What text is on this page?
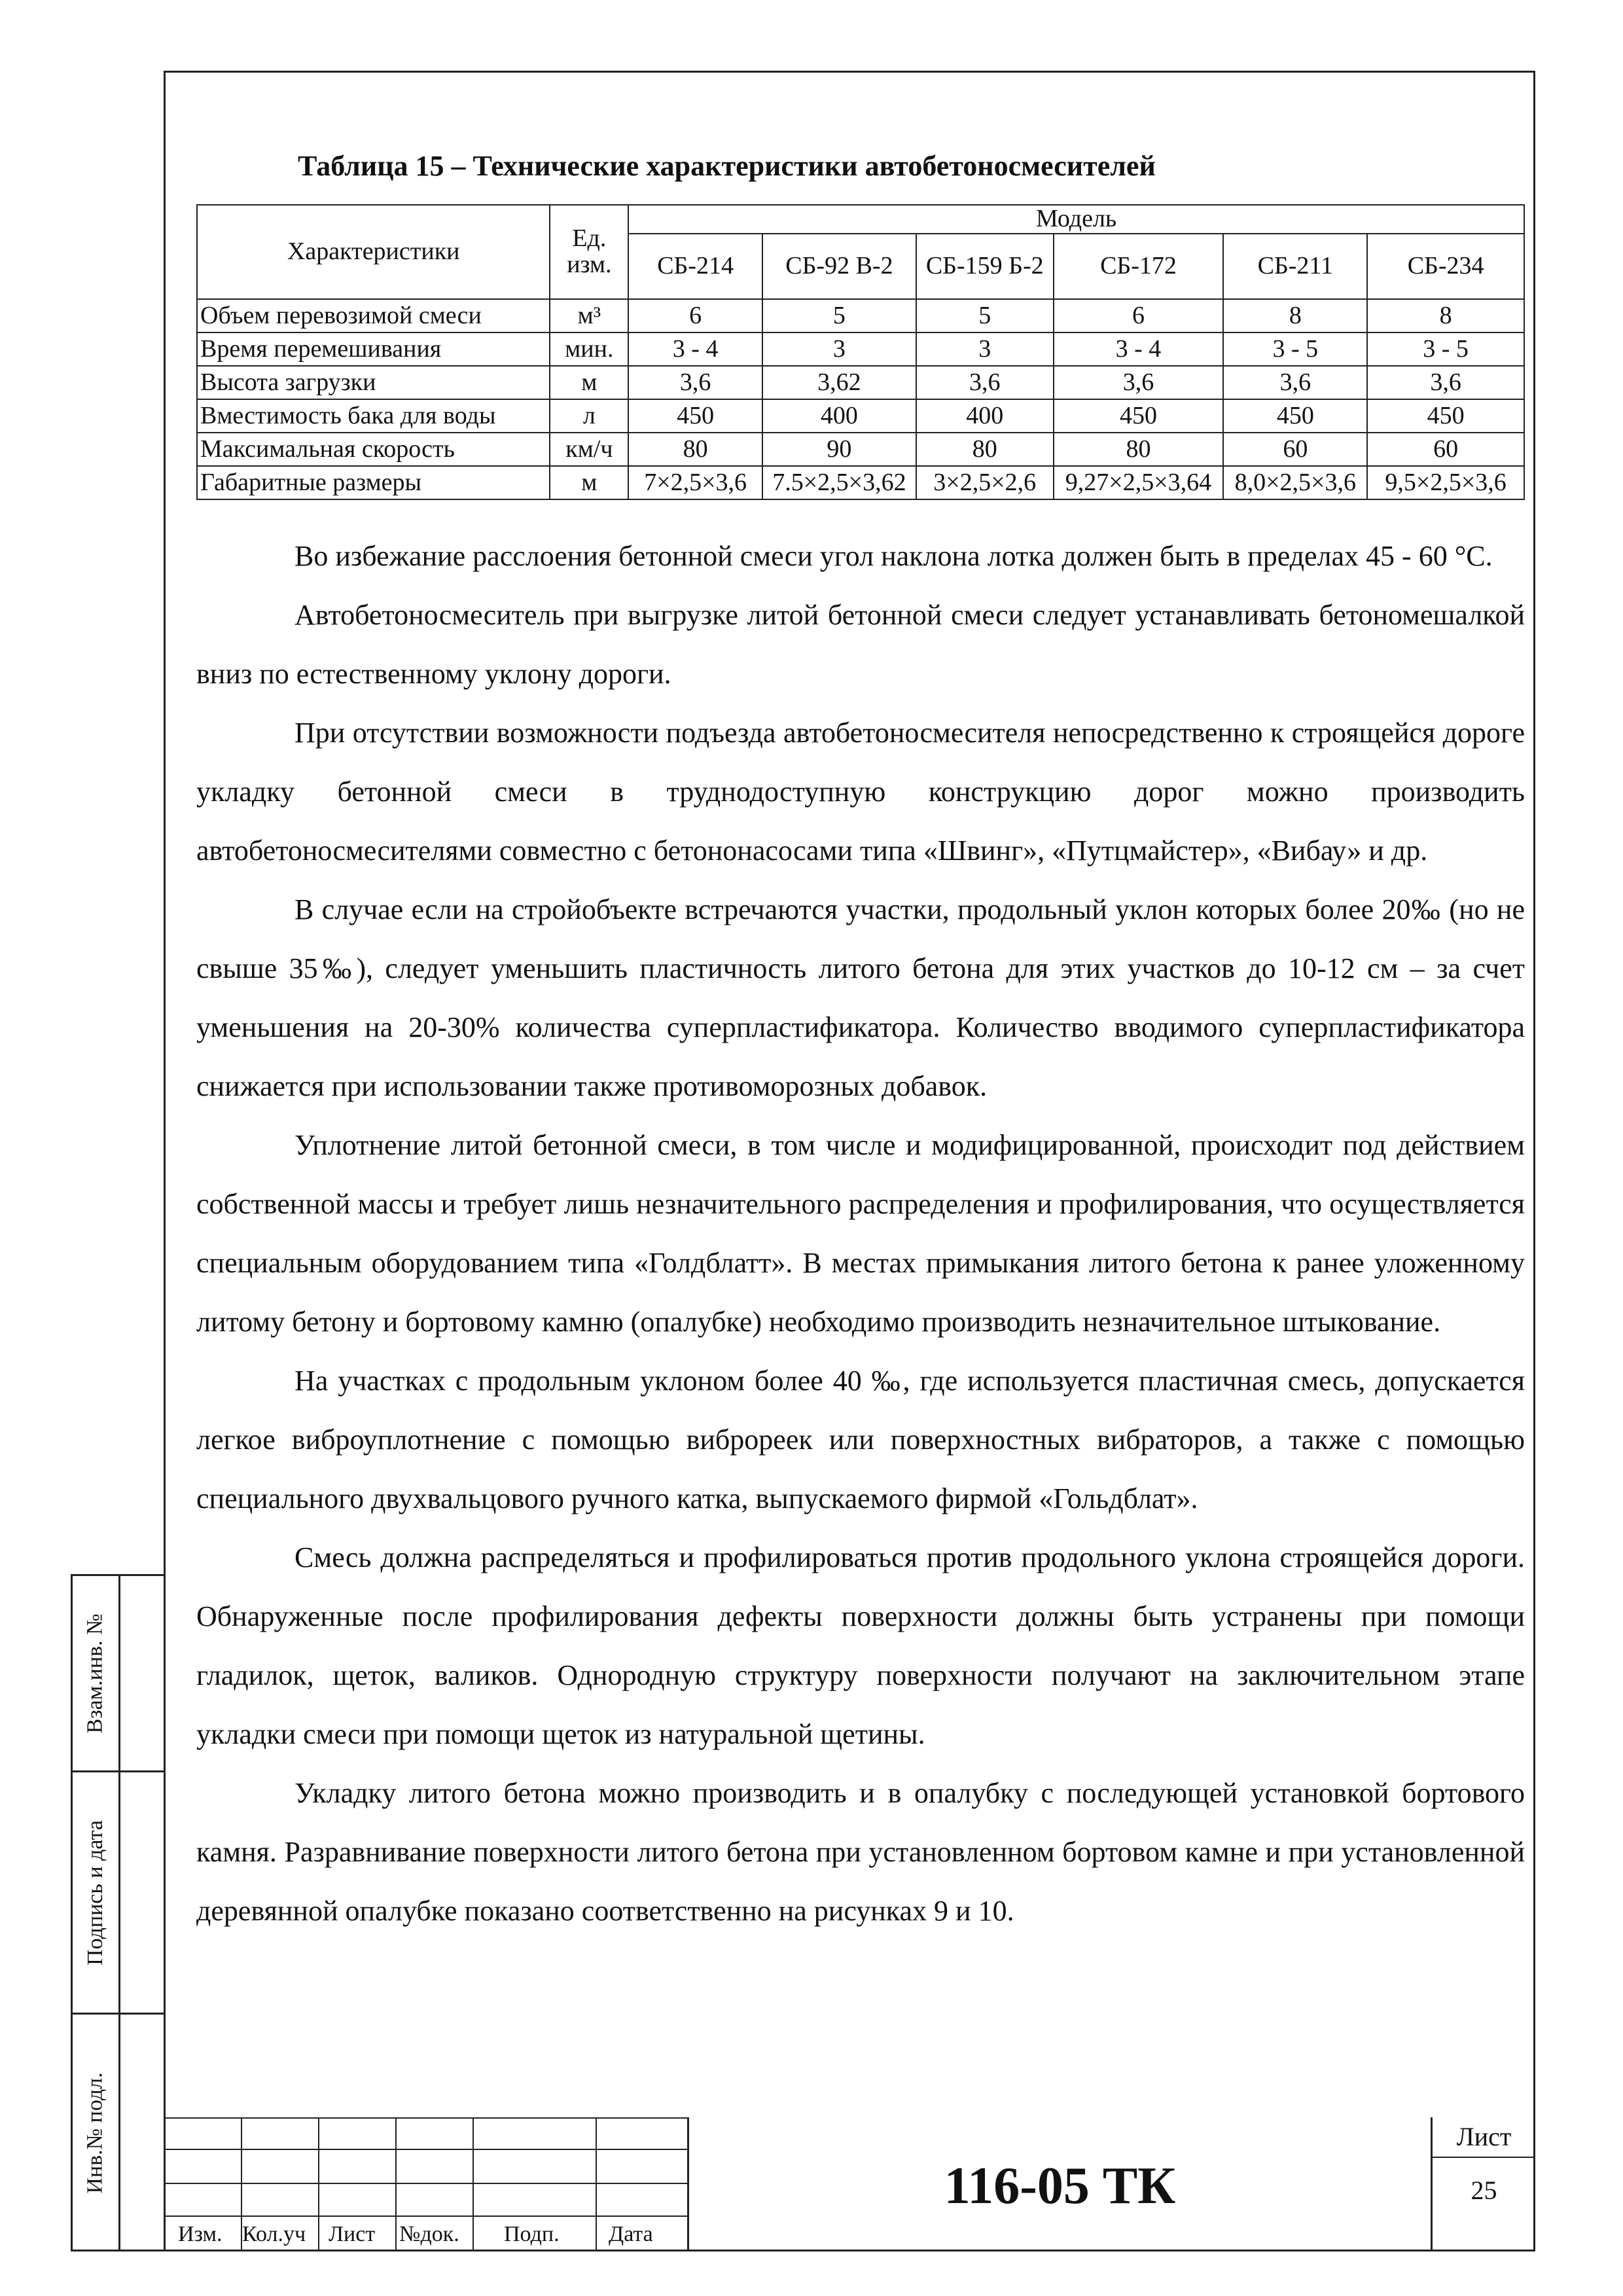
Взам.инв. №
Подпись и дата
Инв.№ подл.
Таблица 15 – Технические характеристики автобетоносмесителей
Характеристики	Ед. изм.	Модель					
		СБ-214	СБ-92 В-2	СБ-159 Б-2	СБ-172	СБ-211	СБ-234
Объем перевозимой смеси	м³	6	5	5	6	8	8
Время перемешивания	мин.	3 - 4	3	3	3 - 4	3 - 5	3 - 5
Высота загрузки	м	3,6	3,62	3,6	3,6	3,6	3,6
Вместимость бака для воды	л	450	400	400	450	450	450
Максимальная скорость	км/ч	80	90	80	80	60	60
Габаритные размеры	м	7×2,5×3,6	7.5×2,5×3,62	3×2,5×2,6	9,27×2,5×3,64	8,0×2,5×3,6	9,5×2,5×3,6

Во избежание расслоения бетонной смеси угол наклона лотка должен быть в пределах 45 - 60 °С.

Автобетоносмеситель при выгрузке литой бетонной смеси следует устанавливать бетономешалкой вниз по естественному уклону дороги.

При отсутствии возможности подъезда автобетоносмесителя непосредственно к строящейся дороге укладку бетонной смеси в труднодоступную конструкцию дорог можно производить автобетоносмесителями совместно с бетононасосами типа «Швинг», «Путцмайстер», «Вибау» и др.

В случае если на стройобъекте встречаются участки, продольный уклон которых более 20‰ (но не свыше 35‰), следует уменьшить пластичность литого бетона для этих участков до 10-12 см – за счет уменьшения на 20-30% количества суперпластификатора. Количество вводимого суперпластификатора снижается при использовании также противоморозных добавок.

Уплотнение литой бетонной смеси, в том числе и модифицированной, происходит под действием собственной массы и требует лишь незначительного распределения и профилирования, что осуществляется специальным оборудованием типа «Голдблатт». В местах примыкания литого бетона к ранее уложенному литому бетону и бортовому камню (опалубке) необходимо производить незначительное штыкование.

На участках с продольным уклоном более 40 ‰, где используется пластичная смесь, допускается легкое виброуплотнение с помощью виброреек или поверхностных вибраторов, а также с помощью специального двухвальцового ручного катка, выпускаемого фирмой «Гольдблат».

Смесь должна распределяться и профилироваться против продольного уклона строящейся дороги. Обнаруженные после профилирования дефекты поверхности должны быть устранены при помощи гладилок, щеток, валиков. Однородную структуру поверхности получают на заключительном этапе укладки смеси при помощи щеток из натуральной щетины.

Укладку литого бетона можно производить и в опалубку с последующей установкой бортового камня. Разравнивание поверхности литого бетона при установленном бортовом камне и при установленной деревянной опалубке показано соответственно на рисунках 9 и 10.

Изм. Кол.уч Лист №док. Подп. Дата
116-05 ТК
Лист
25
